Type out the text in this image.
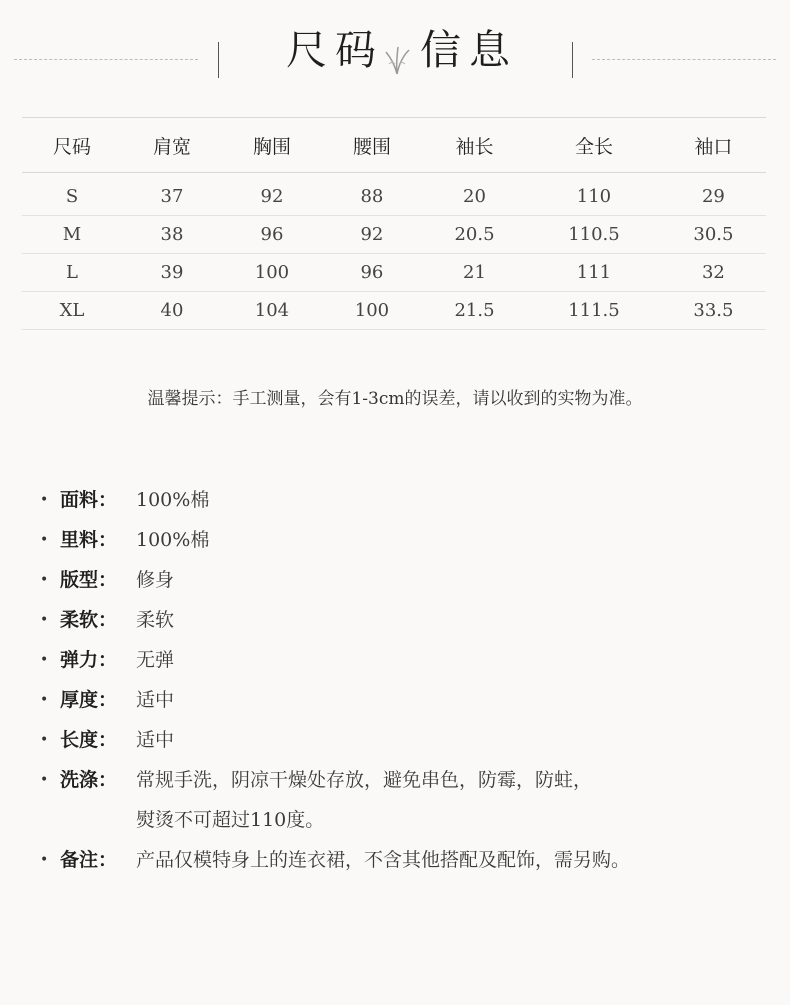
尺码 信息
尺码	肩宽	胸围	腰围	袖长	全长	袖口
S	37	92	88	20	110	29
M	38	96	92	20.5	110.5	30.5
L	39	100	96	21	111	32
XL	40	104	100	21.5	111.5	33.5
温馨提示：手工测量，会有1-3cm的误差，请以收到的实物为准。
• 面料： 100%棉
• 里料： 100%棉
• 版型： 修身
• 柔软： 柔软
• 弹力： 无弹
• 厚度： 适中
• 长度： 适中
• 洗涤： 常规手洗，阴凉干燥处存放，避免串色，防霉，防蛀，
熨烫不可超过110度。
• 备注： 产品仅模特身上的连衣裙，不含其他搭配及配饰，需另购。
